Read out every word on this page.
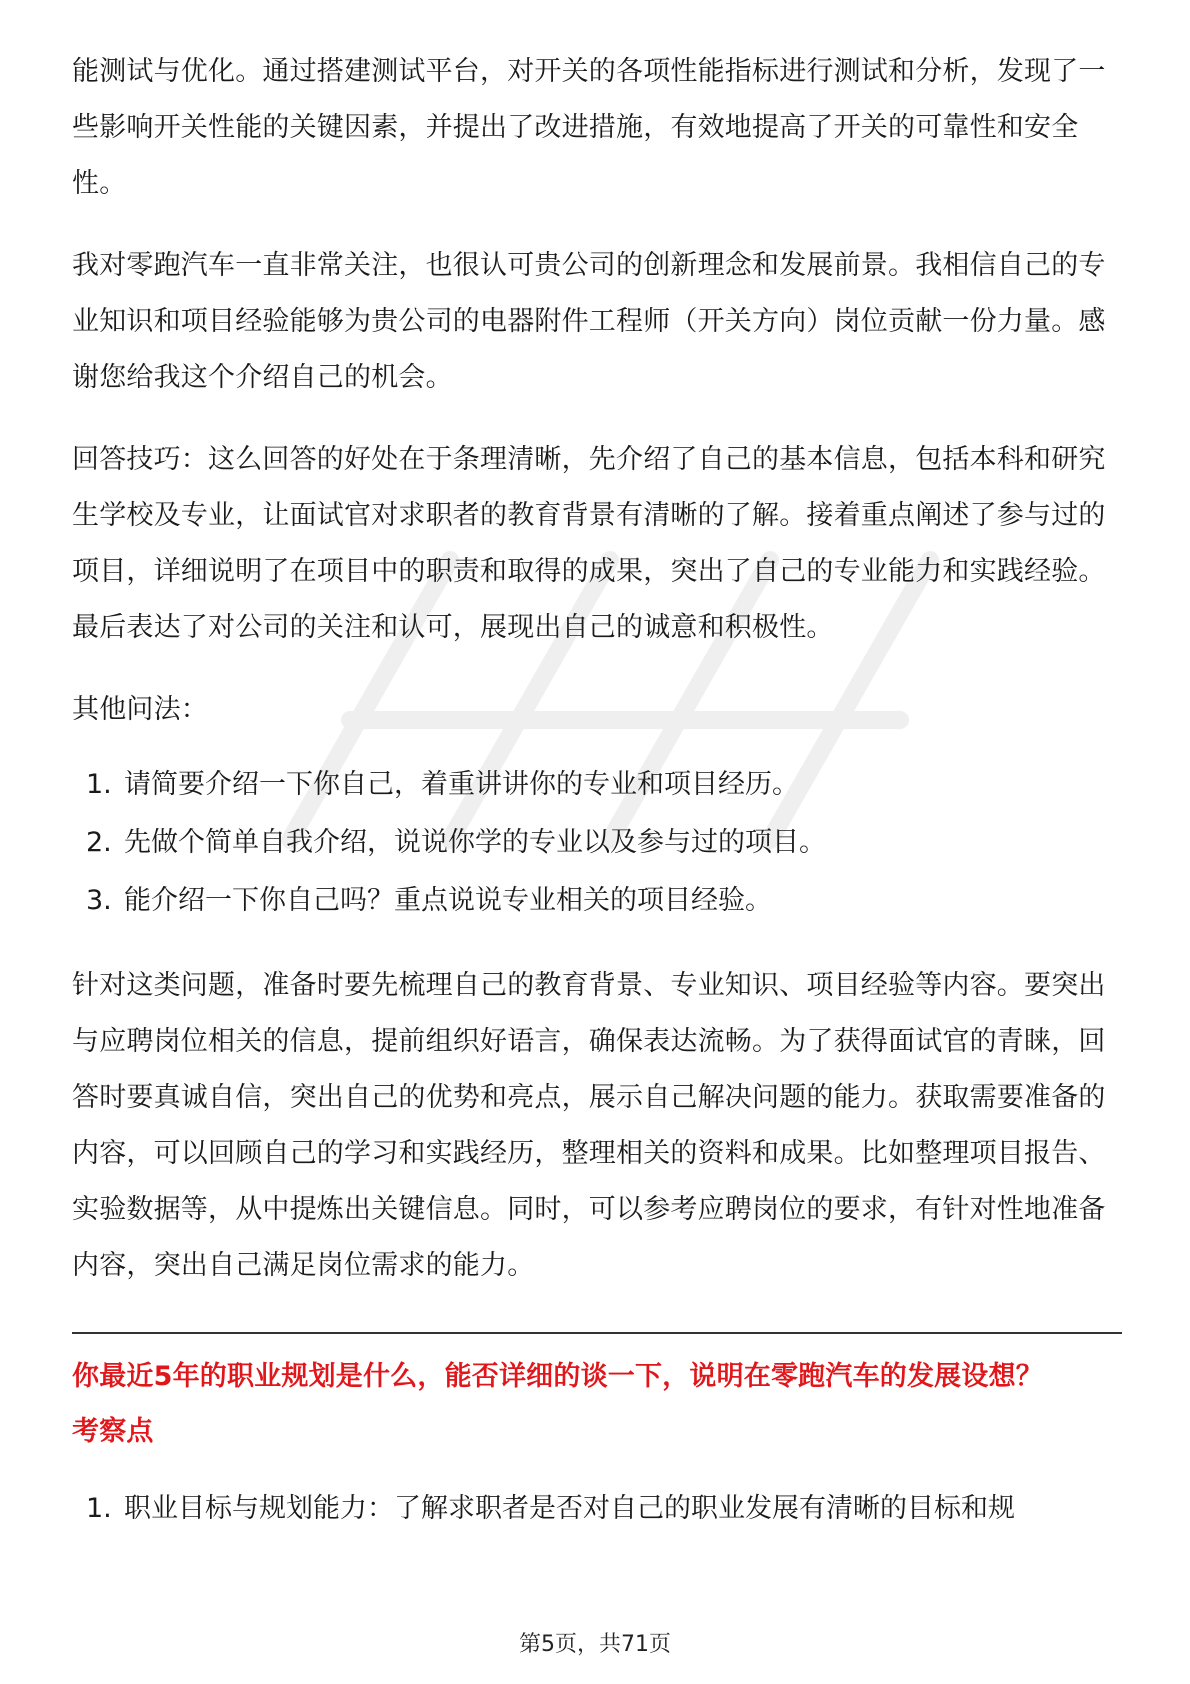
能测试与优化。通过搭建测试平台，对开关的各项性能指标进行测试和分析，发现了一些影响开关性能的关键因素，并提出了改进措施，有效地提高了开关的可靠性和安全性。

我对零跑汽车一直非常关注，也很认可贵公司的创新理念和发展前景。我相信自己的专业知识和项目经验能够为贵公司的电器附件工程师（开关方向）岗位贡献一份力量。感谢您给我这个介绍自己的机会。

回答技巧：这么回答的好处在于条理清晰，先介绍了自己的基本信息，包括本科和研究生学校及专业，让面试官对求职者的教育背景有清晰的了解。接着重点阐述了参与过的项目，详细说明了在项目中的职责和取得的成果，突出了自己的专业能力和实践经验。最后表达了对公司的关注和认可，展现出自己的诚意和积极性。

其他问法：

1. 请简要介绍一下你自己，着重讲讲你的专业和项目经历。
2. 先做个简单自我介绍，说说你学的专业以及参与过的项目。
3. 能介绍一下你自己吗？重点说说专业相关的项目经验。

针对这类问题，准备时要先梳理自己的教育背景、专业知识、项目经验等内容。要突出与应聘岗位相关的信息，提前组织好语言，确保表达流畅。为了获得面试官的青睐，回答时要真诚自信，突出自己的优势和亮点，展示自己解决问题的能力。获取需要准备的内容，可以回顾自己的学习和实践经历，整理相关的资料和成果。比如整理项目报告、实验数据等，从中提炼出关键信息。同时，可以参考应聘岗位的要求，有针对性地准备内容，突出自己满足岗位需求的能力。

你最近5年的职业规划是什么，能否详细的谈一下，说明在零跑汽车的发展设想？

考察点

1. 职业目标与规划能力：了解求职者是否对自己的职业发展有清晰的目标和规
第5页，共71页
